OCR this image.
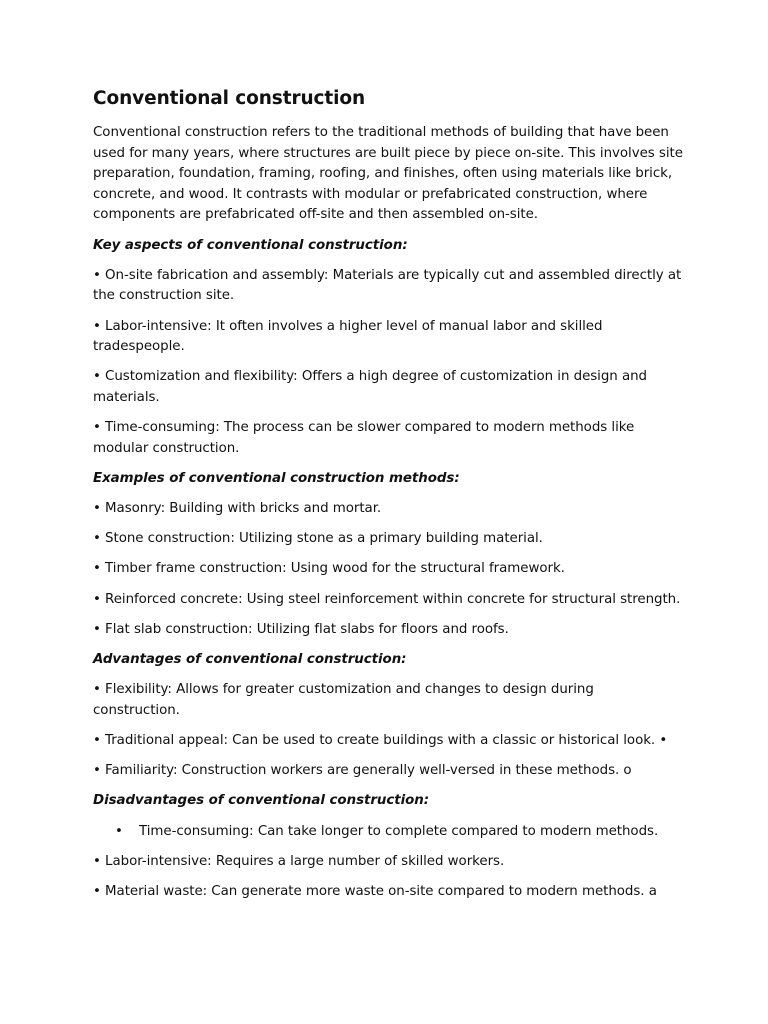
Conventional construction

Conventional construction refers to the traditional methods of building that have been used for many years, where structures are built piece by piece on-site. This involves site preparation, foundation, framing, roofing, and finishes, often using materials like brick, concrete, and wood. It contrasts with modular or prefabricated construction, where components are prefabricated off-site and then assembled on-site.

Key aspects of conventional construction:

• On-site fabrication and assembly: Materials are typically cut and assembled directly at the construction site.

• Labor-intensive: It often involves a higher level of manual labor and skilled tradespeople.

• Customization and flexibility: Offers a high degree of customization in design and materials.

• Time-consuming: The process can be slower compared to modern methods like modular construction.

Examples of conventional construction methods:

• Masonry: Building with bricks and mortar.

• Stone construction: Utilizing stone as a primary building material.

• Timber frame construction: Using wood for the structural framework.

• Reinforced concrete: Using steel reinforcement within concrete for structural strength.

• Flat slab construction: Utilizing flat slabs for floors and roofs.

Advantages of conventional construction:

• Flexibility: Allows for greater customization and changes to design during construction.

• Traditional appeal: Can be used to create buildings with a classic or historical look. •

• Familiarity: Construction workers are generally well-versed in these methods. o

Disadvantages of conventional construction:

• Time-consuming: Can take longer to complete compared to modern methods.

• Labor-intensive: Requires a large number of skilled workers.

• Material waste: Can generate more waste on-site compared to modern methods. a
